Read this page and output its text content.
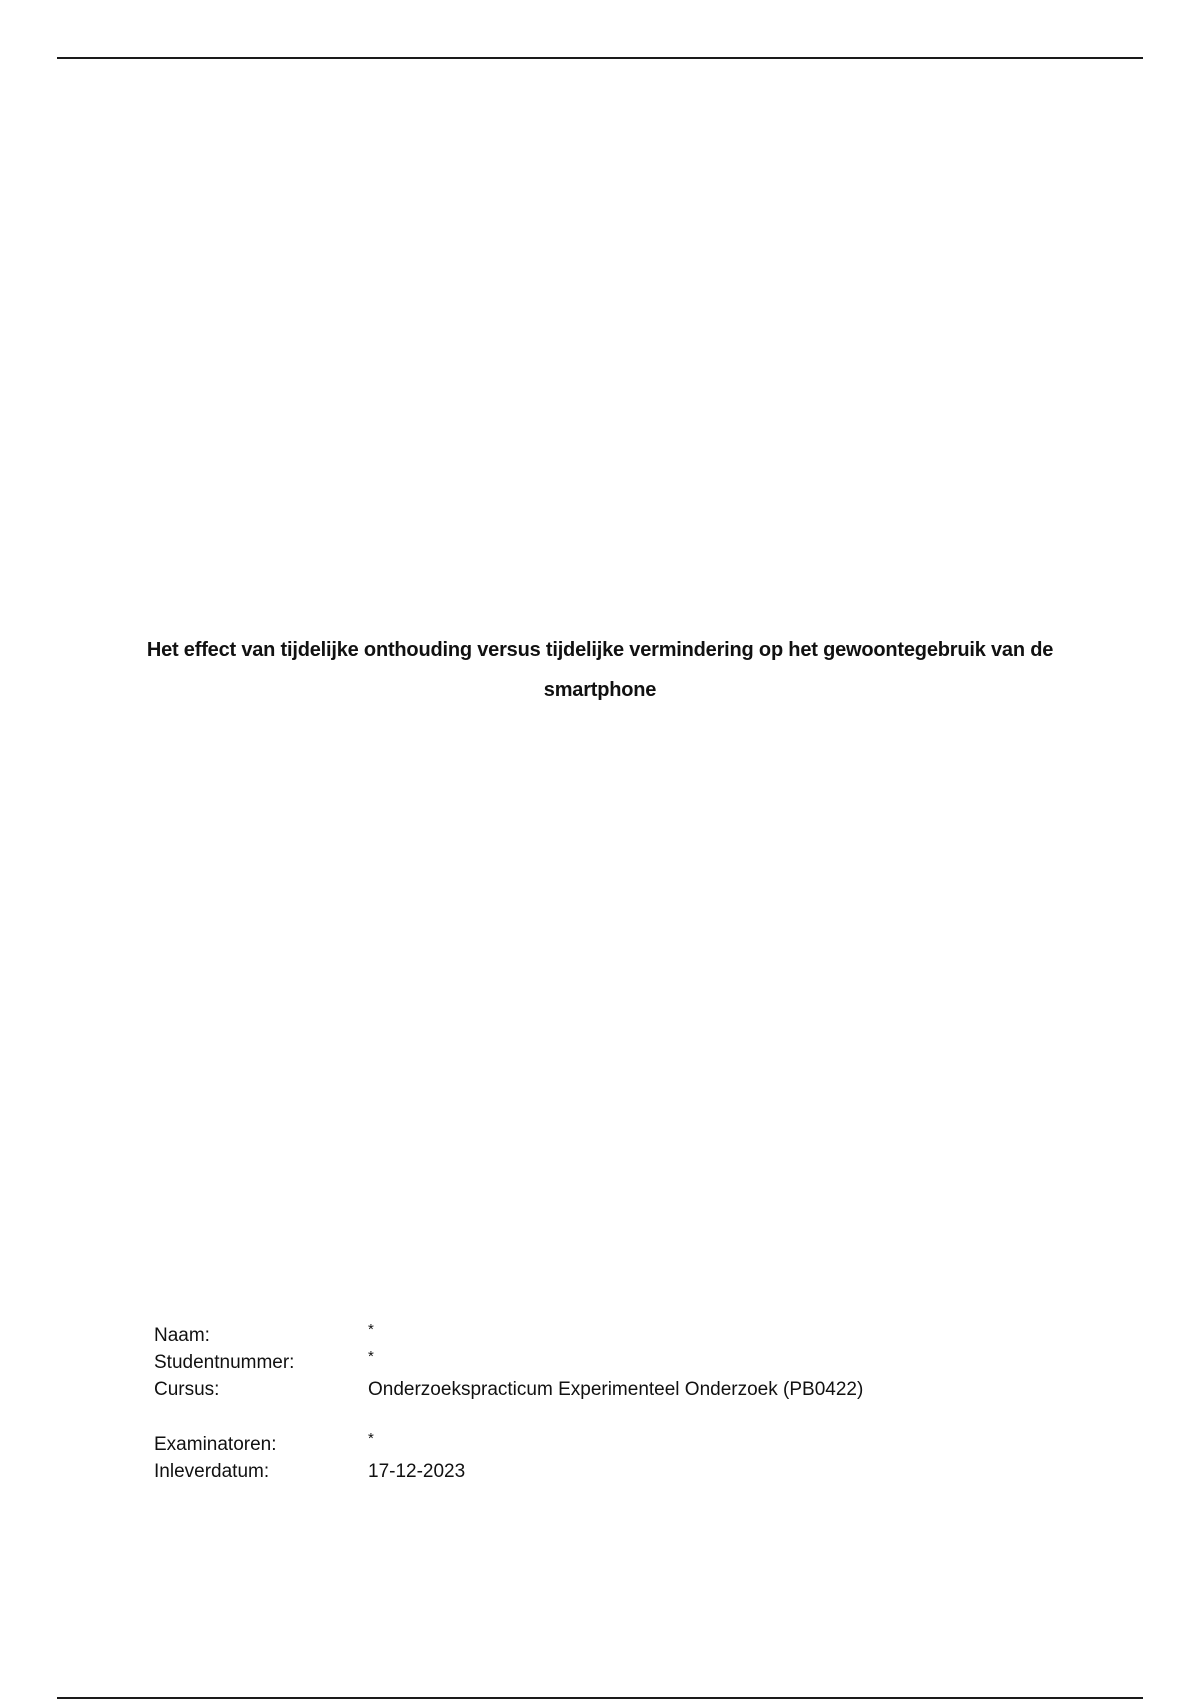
Het effect van tijdelijke onthouding versus tijdelijke vermindering op het gewoontegebruik van de smartphone
Naam:	*
Studentnummer:	*
Cursus:	Onderzoekspracticum Experimenteel Onderzoek (PB0422)
Examinatoren:	*
Inleverdatum:	17-12-2023
